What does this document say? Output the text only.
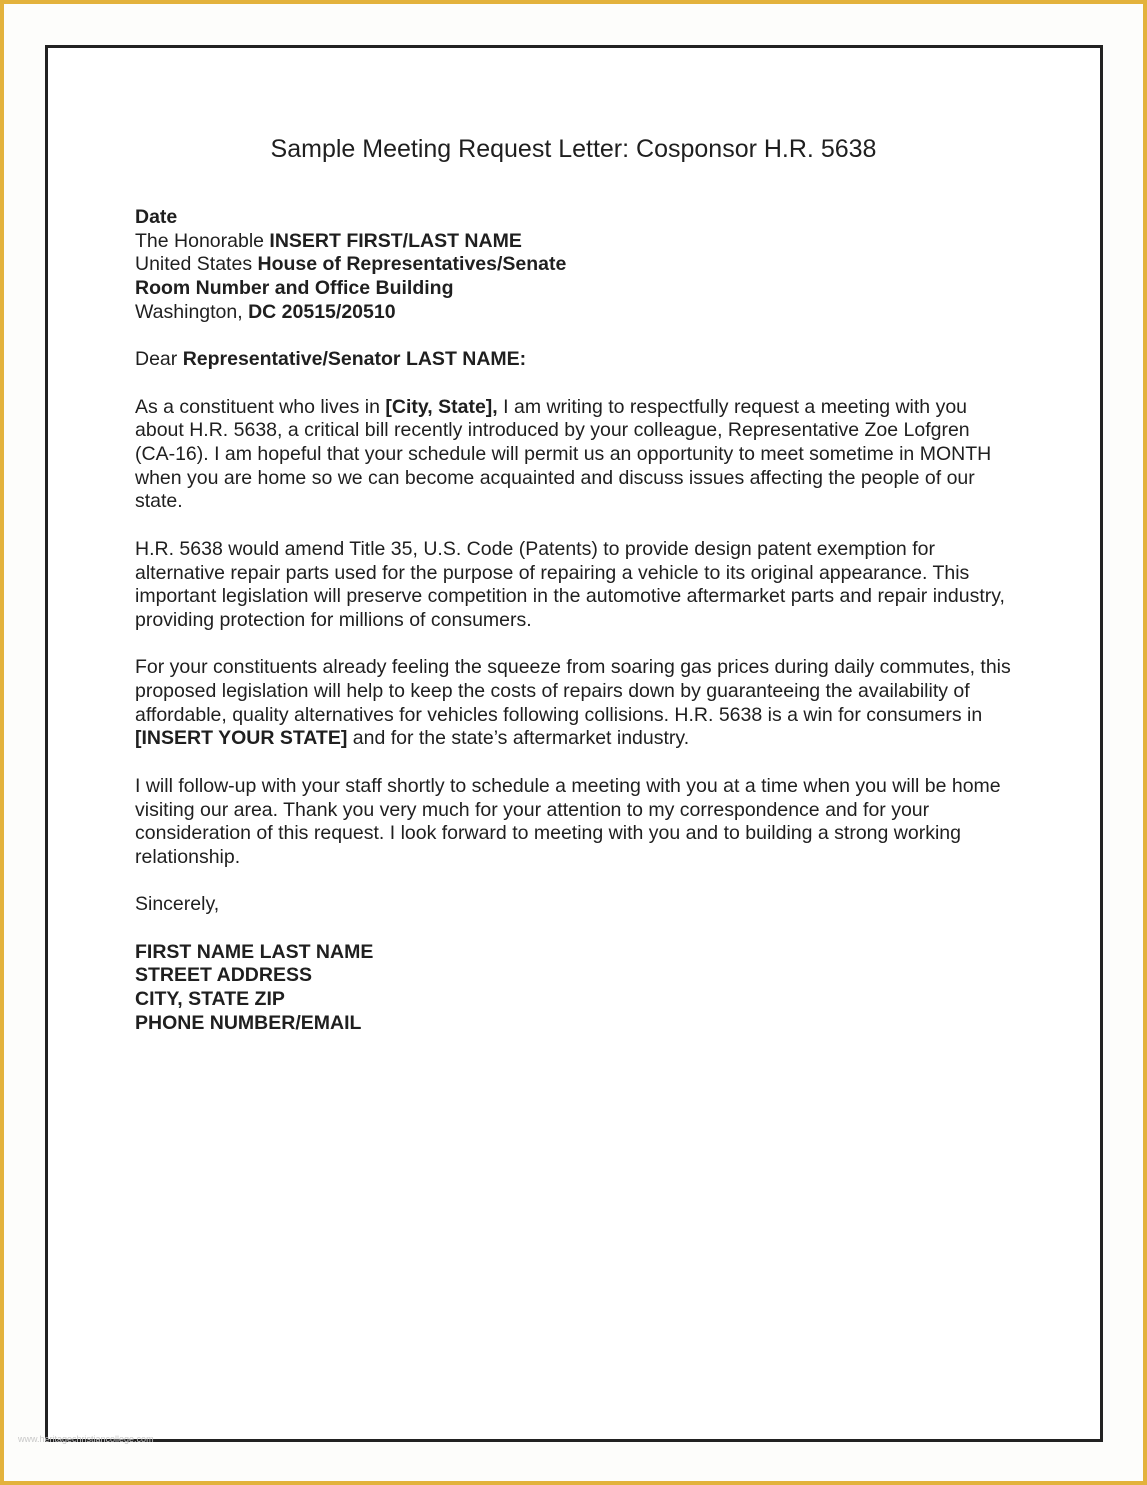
Sample Meeting Request Letter: Cosponsor H.R. 5638

Date

The Honorable INSERT FIRST/LAST NAME

United States House of Representatives/Senate

Room Number and Office Building

Washington, DC 20515/20510

Dear Representative/Senator LAST NAME:

As a constituent who lives in [City, State], I am writing to respectfully request a meeting with you about H.R. 5638, a critical bill recently introduced by your colleague, Representative Zoe Lofgren (CA-16). I am hopeful that your schedule will permit us an opportunity to meet sometime in MONTH when you are home so we can become acquainted and discuss issues affecting the people of our state.

H.R. 5638 would amend Title 35, U.S. Code (Patents) to provide design patent exemption for alternative repair parts used for the purpose of repairing a vehicle to its original appearance. This important legislation will preserve competition in the automotive aftermarket parts and repair industry, providing protection for millions of consumers.

For your constituents already feeling the squeeze from soaring gas prices during daily commutes, this proposed legislation will help to keep the costs of repairs down by guaranteeing the availability of affordable, quality alternatives for vehicles following collisions. H.R. 5638 is a win for consumers in [INSERT YOUR STATE] and for the state’s aftermarket industry.

I will follow-up with your staff shortly to schedule a meeting with you at a time when you will be home visiting our area. Thank you very much for your attention to my correspondence and for your consideration of this request. I look forward to meeting with you and to building a strong working relationship.

Sincerely,

FIRST NAME LAST NAME

STREET ADDRESS

CITY, STATE ZIP

PHONE NUMBER/EMAIL

www.heritagechristiancollege.com
